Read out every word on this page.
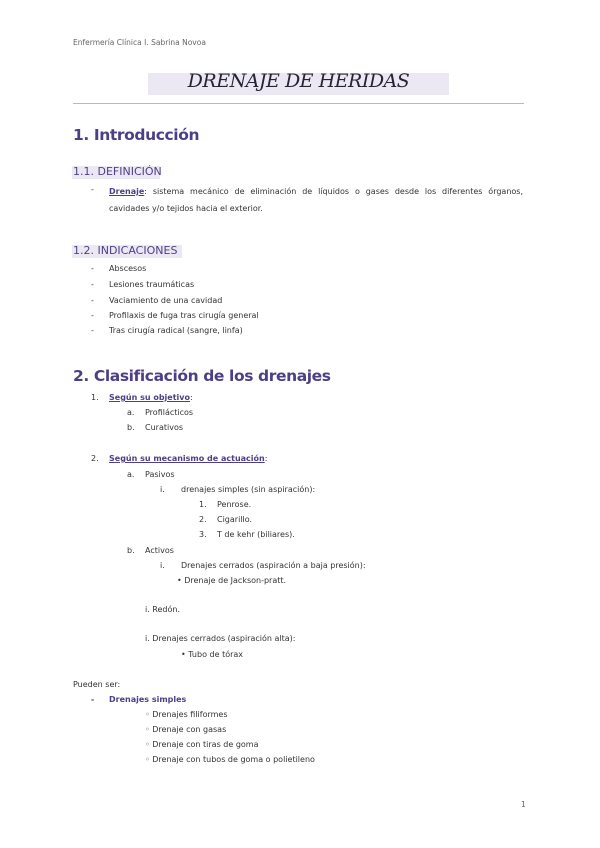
Enfermería Clínica I. Sabrina Novoa
DRENAJE DE HERIDAS
1. Introducción
1.1. DEFINICIÓN
- Drenaje: sistema mecánico de eliminación de líquidos o gases desde los diferentes órganos, cavidades y/o tejidos hacia el exterior.
1.2. INDICACIONES
- Abscesos
- Lesiones traumáticas
- Vaciamiento de una cavidad
- Profilaxis de fuga tras cirugía general
- Tras cirugía radical (sangre, linfa)
2. Clasificación de los drenajes
1. Según su objetivo:
a. Profilácticos
b. Curativos
2. Según su mecanismo de actuación:
a. Pasivos
i. drenajes simples (sin aspiración):
1. Penrose.
2. Cigarillo.
3. T de kehr (biliares).
b. Activos
i. Drenajes cerrados (aspiración a baja presión):
• Drenaje de Jackson-pratt.
i. Redón.
i. Drenajes cerrados (aspiración alta):
• Tubo de tórax
Pueden ser:
- Drenajes simples
◦ Drenajes filiformes
◦ Drenaje con gasas
◦ Drenaje con tiras de goma
◦ Drenaje con tubos de goma o polietileno
1
